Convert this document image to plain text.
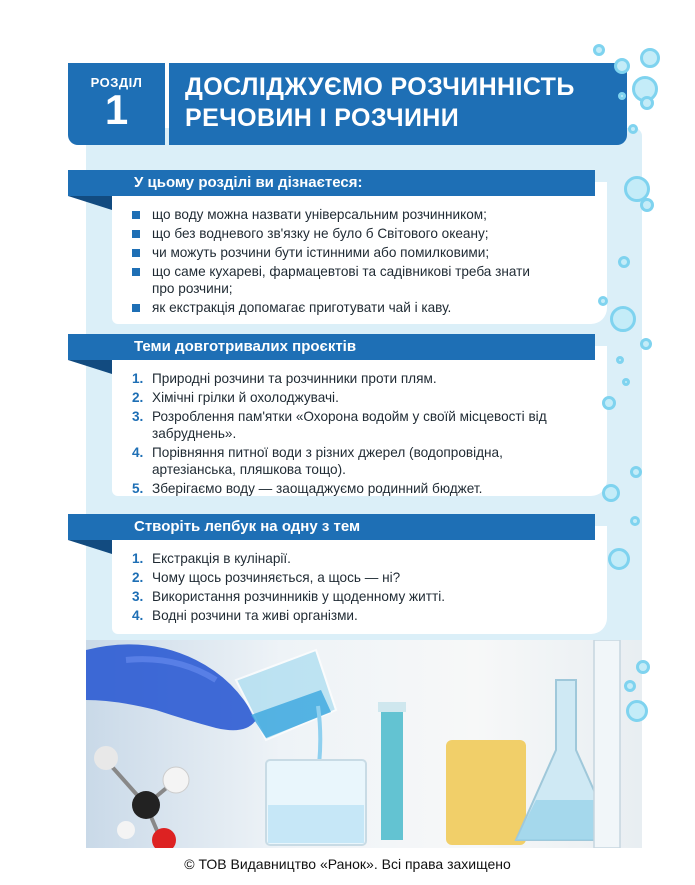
РОЗДІЛ
1	ДОСЛІДЖУЄМО РОЗЧИННІСТЬ
РЕЧОВИН І РОЗЧИНИ
що воду можна назвати універсальним розчинником;
що без водневого зв'язку не було б Світового океану;
чи можуть розчини бути істинними або помилковими;
що саме кухареві, фармацевтові та садівникові треба знати про розчини;
як екстракція допомагає приготувати чай і каву.
У цьому розділі ви дізнаєтеся:
1. Природні розчини та розчинники проти плям.
2. Хімічні грілки й охолоджувачі.
3. Розроблення пам'ятки «Охорона водойм у своїй місцевості від забруднень».
4. Порівняння питної води з різних джерел (водопровідна, артезіанська, пляшкова тощо).
5. Зберігаємо воду — заощаджуємо родинний бюджет.
Теми довготривалих проєктів
1. Екстракція в кулінарії.
2. Чому щось розчиняється, а щось — ні?
3. Використання розчинників у щоденному житті.
4. Водні розчини та живі організми.
Створіть лепбук на одну з тем
© ТОВ Видавництво «Ранок». Всі права захищено
